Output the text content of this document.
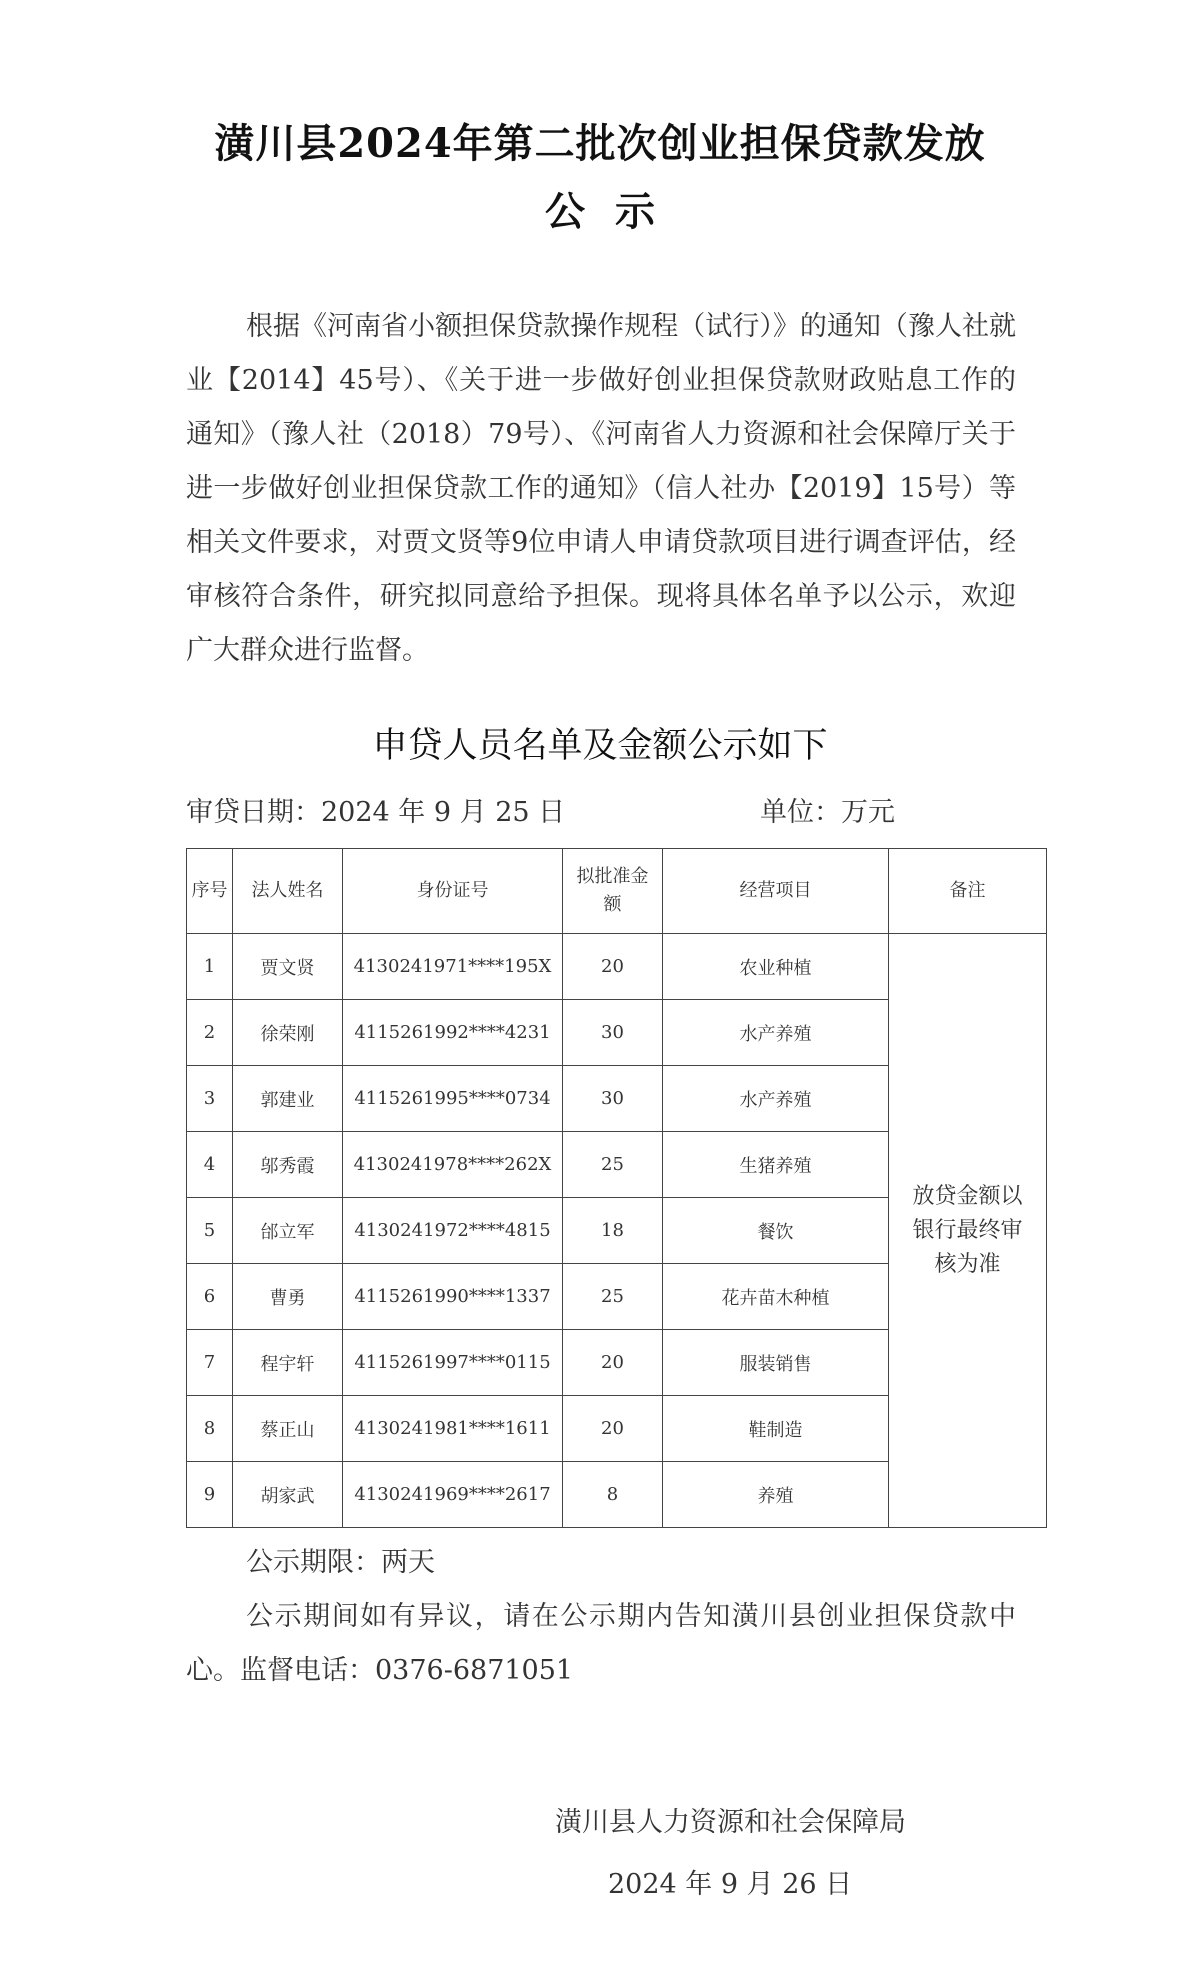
潢川县2024年第二批次创业担保贷款发放
公示
根据《河南省小额担保贷款操作规程（试行）》的通知（豫人社就业【2014】45号）、《关于进一步做好创业担保贷款财政贴息工作的通知》（豫人社（2018）79号）、《河南省人力资源和社会保障厅关于进一步做好创业担保贷款工作的通知》（信人社办【2019】15号）等相关文件要求，对贾文贤等9位申请人申请贷款项目进行调查评估，经审核符合条件，研究拟同意给予担保。现将具体名单予以公示，欢迎广大群众进行监督。
申贷人员名单及金额公示如下
审贷日期：2024 年 9 月 25 日	单位：万元
序号	法人姓名	身份证号	拟批准金额	经营项目	备注
1	贾文贤	4130241971****195X	20	农业种植	放贷金额以银行最终审核为准
2	徐荣刚	4115261992****4231	30	水产养殖	
3	郭建业	4115261995****0734	30	水产养殖	
4	邬秀霞	4130241978****262X	25	生猪养殖	
5	邰立军	4130241972****4815	18	餐饮	
6	曹勇	4115261990****1337	25	花卉苗木种植	
7	程宇轩	4115261997****0115	20	服装销售	
8	蔡正山	4130241981****1611	20	鞋制造	
9	胡家武	4130241969****2617	8	养殖	
公示期限：两天
公示期间如有异议，请在公示期内告知潢川县创业担保贷款中心。监督电话：0376-6871051
潢川县人力资源和社会保障局
2024 年 9 月 26 日
